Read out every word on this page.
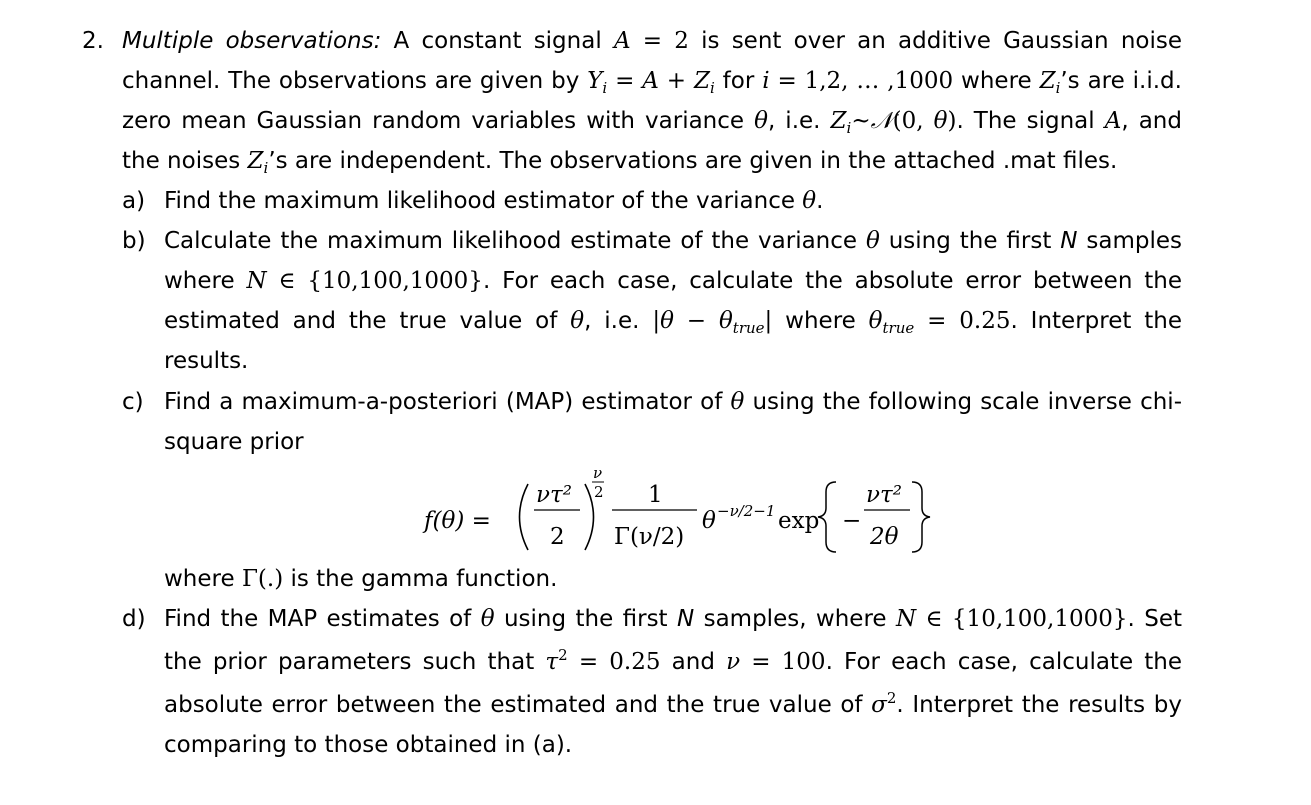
2. Multiple observations: A constant signal A = 2 is sent over an additive Gaussian noise
channel. The observations are given by $Y_i = A + Z_i$ for i = 1,2, … ,1000 where $Z_i’s$ are i.i.d.
zero mean Gaussian random variables with variance θ, i.e. $Z_i\sim 𝒩(0$, θ). The signal A, and
the noises $Z_i’s$ are independent. The observations are given in the attached .mat files.
a) Find the maximum likelihood estimator of the variance θ.
b) Calculate the maximum likelihood estimate of the variance θ using the first N samples
where N ∈ {10,100,1000}. For each case, calculate the absolute error between the
estimated and the true value of θ, i.e. $|\theta - \theta_{true}|$ where $\theta_{true} = 0.25$. Interpret the
results.
c) Find a maximum-a-posteriori (MAP) estimator of θ using the following scale inverse chi-
square prior
f(θ) =
ντ²
2
ν
2 1
Γ(ν/2)
θ −ν/2−1 exp −
ντ²
2θ
where Γ(.) is the gamma function.
d) Find the MAP estimates of θ using the first N samples, where N ∈ {10,100,1000}. Set
the prior parameters such that $\tau^2 = 0.25$ and ν = 100. For each case, calculate the
absolute error between the estimated and the true value of $\sigma^2$. Interpret the results by
comparing to those obtained in (a).
